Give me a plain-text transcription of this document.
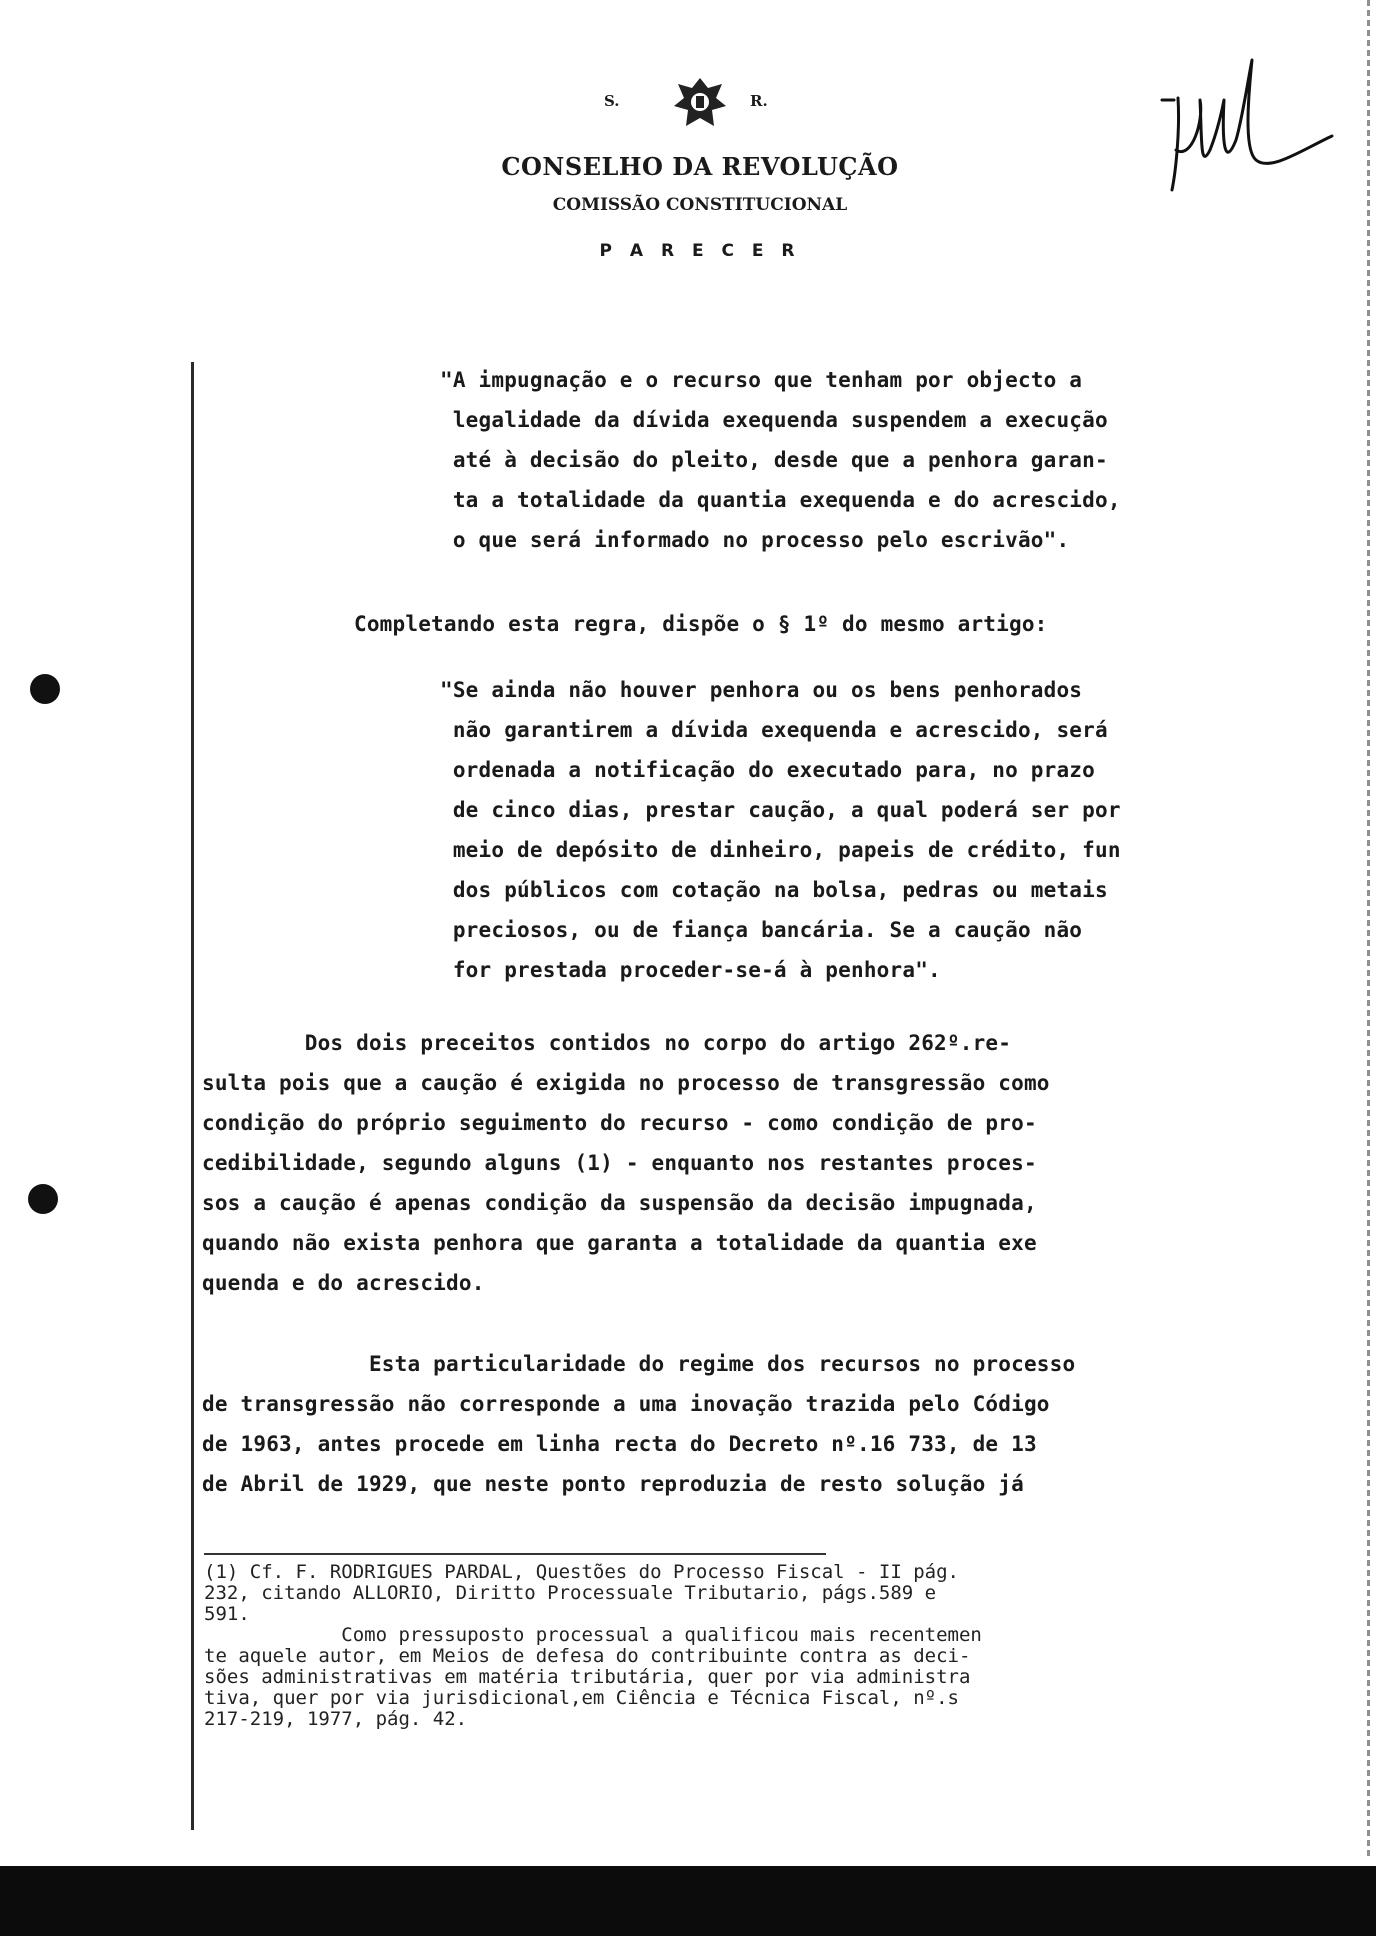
S.	R.
CONSELHO DA REVOLUÇÃO
COMISSÃO CONSTITUCIONAL
P A R E C E R
"A impugnação e o recurso que tenham por objecto a
legalidade da dívida exequenda suspendem a execução
até à decisão do pleito, desde que a penhora garan-
ta a totalidade da quantia exequenda e do acrescido,
o que será informado no processo pelo escrivão".
Completando esta regra, dispõe o § 1º do mesmo artigo:
"Se ainda não houver penhora ou os bens penhorados
não garantirem a dívida exequenda e acrescido, será
ordenada a notificação do executado para, no prazo
de cinco dias, prestar caução, a qual poderá ser por
meio de depósito de dinheiro, papeis de crédito, fun
dos públicos com cotação na bolsa, pedras ou metais
preciosos, ou de fiança bancária. Se a caução não
for prestada proceder-se-á à penhora".
Dos dois preceitos contidos no corpo do artigo 262º.re-
sulta pois que a caução é exigida no processo de transgressão como
condição do próprio seguimento do recurso - como condição de pro-
cedibilidade, segundo alguns (1) - enquanto nos restantes proces-
sos a caução é apenas condição da suspensão da decisão impugnada,
quando não exista penhora que garanta a totalidade da quantia exe
quenda e do acrescido.
Esta particularidade do regime dos recursos no processo
de transgressão não corresponde a uma inovação trazida pelo Código
de 1963, antes procede em linha recta do Decreto nº.16 733, de 13
de Abril de 1929, que neste ponto reproduzia de resto solução já
(1) Cf. F. RODRIGUES PARDAL, Questões do Processo Fiscal - II pág.
232, citando ALLORIO, Diritto Processuale Tributario, págs.589 e
591.
Como pressuposto processual a qualificou mais recentemen
te aquele autor, em Meios de defesa do contribuinte contra as deci-
sões administrativas em matéria tributária, quer por via administra
tiva, quer por via jurisdicional,em Ciência e Técnica Fiscal, nº.s
217-219, 1977, pág. 42.
